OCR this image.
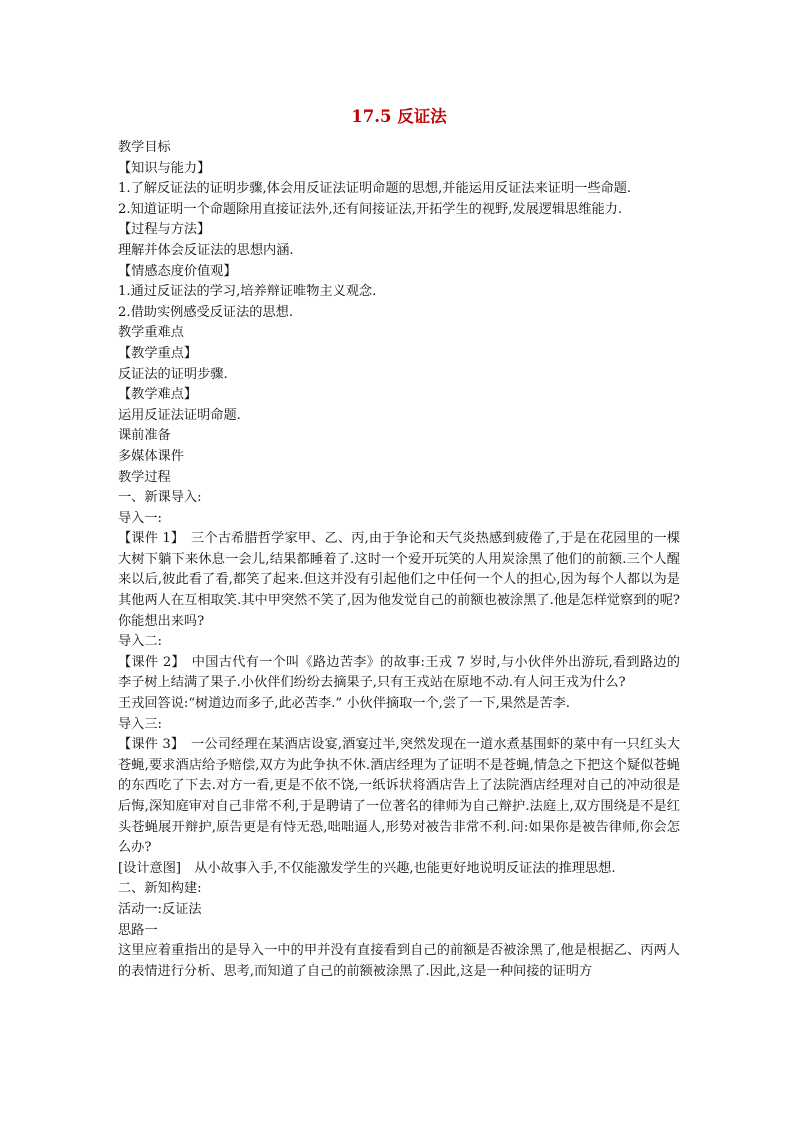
17.5 反证法
教学目标
【知识与能力】
1.了解反证法的证明步骤,体会用反证法证明命题的思想,并能运用反证法来证明一些命题.
2.知道证明一个命题除用直接证法外,还有间接证法,开拓学生的视野,发展逻辑思维能力.
【过程与方法】
理解并体会反证法的思想内涵.
【情感态度价值观】
1.通过反证法的学习,培养辩证唯物主义观念.
2.借助实例感受反证法的思想.
教学重难点
【教学重点】
反证法的证明步骤.
【教学难点】
运用反证法证明命题.
课前准备
多媒体课件
教学过程
一、新课导入:
导入一:

【课件 1】　三个古希腊哲学家甲、乙、丙,由于争论和天气炎热感到疲倦了,于是在花园里的一棵大树下躺下来休息一会儿,结果都睡着了.这时一个爱开玩笑的人用炭涂黑了他们的前额.三个人醒来以后,彼此看了看,都笑了起来.但这并没有引起他们之中任何一个人的担心,因为每个人都以为是其他两人在互相取笑.其中甲突然不笑了,因为他发觉自己的前额也被涂黑了.他是怎样觉察到的呢?你能想出来吗?

导入二:

【课件 2】　中国古代有一个叫《路边苦李》的故事:王戎 7 岁时,与小伙伴外出游玩,看到路边的李子树上结满了果子.小伙伴们纷纷去摘果子,只有王戎站在原地不动.有人问王戎为什么?

王戎回答说:“树道边而多子,此必苦李.” 小伙伴摘取一个,尝了一下,果然是苦李.

导入三:

【课件 3】　一公司经理在某酒店设宴,酒宴过半,突然发现在一道水煮基围虾的菜中有一只红头大苍蝇,要求酒店给予赔偿,双方为此争执不休.酒店经理为了证明不是苍蝇,情急之下把这个疑似苍蝇的东西吃了下去.对方一看,更是不依不饶,一纸诉状将酒店告上了法院酒店经理对自己的冲动很是后悔,深知庭审对自己非常不利,于是聘请了一位著名的律师为自己辩护.法庭上,双方围绕是不是红头苍蝇展开辩护,原告更是有恃无恐,咄咄逼人,形势对被告非常不利.问:如果你是被告律师,你会怎么办?

[设计意图]　从小故事入手,不仅能激发学生的兴趣,也能更好地说明反证法的推理思想.

二、新知构建:
活动一:反证法
思路一

这里应着重指出的是导入一中的甲并没有直接看到自己的前额是否被涂黑了,他是根据乙、丙两人的表情进行分析、思考,而知道了自己的前额被涂黑了.因此,这是一种间接的证明方
